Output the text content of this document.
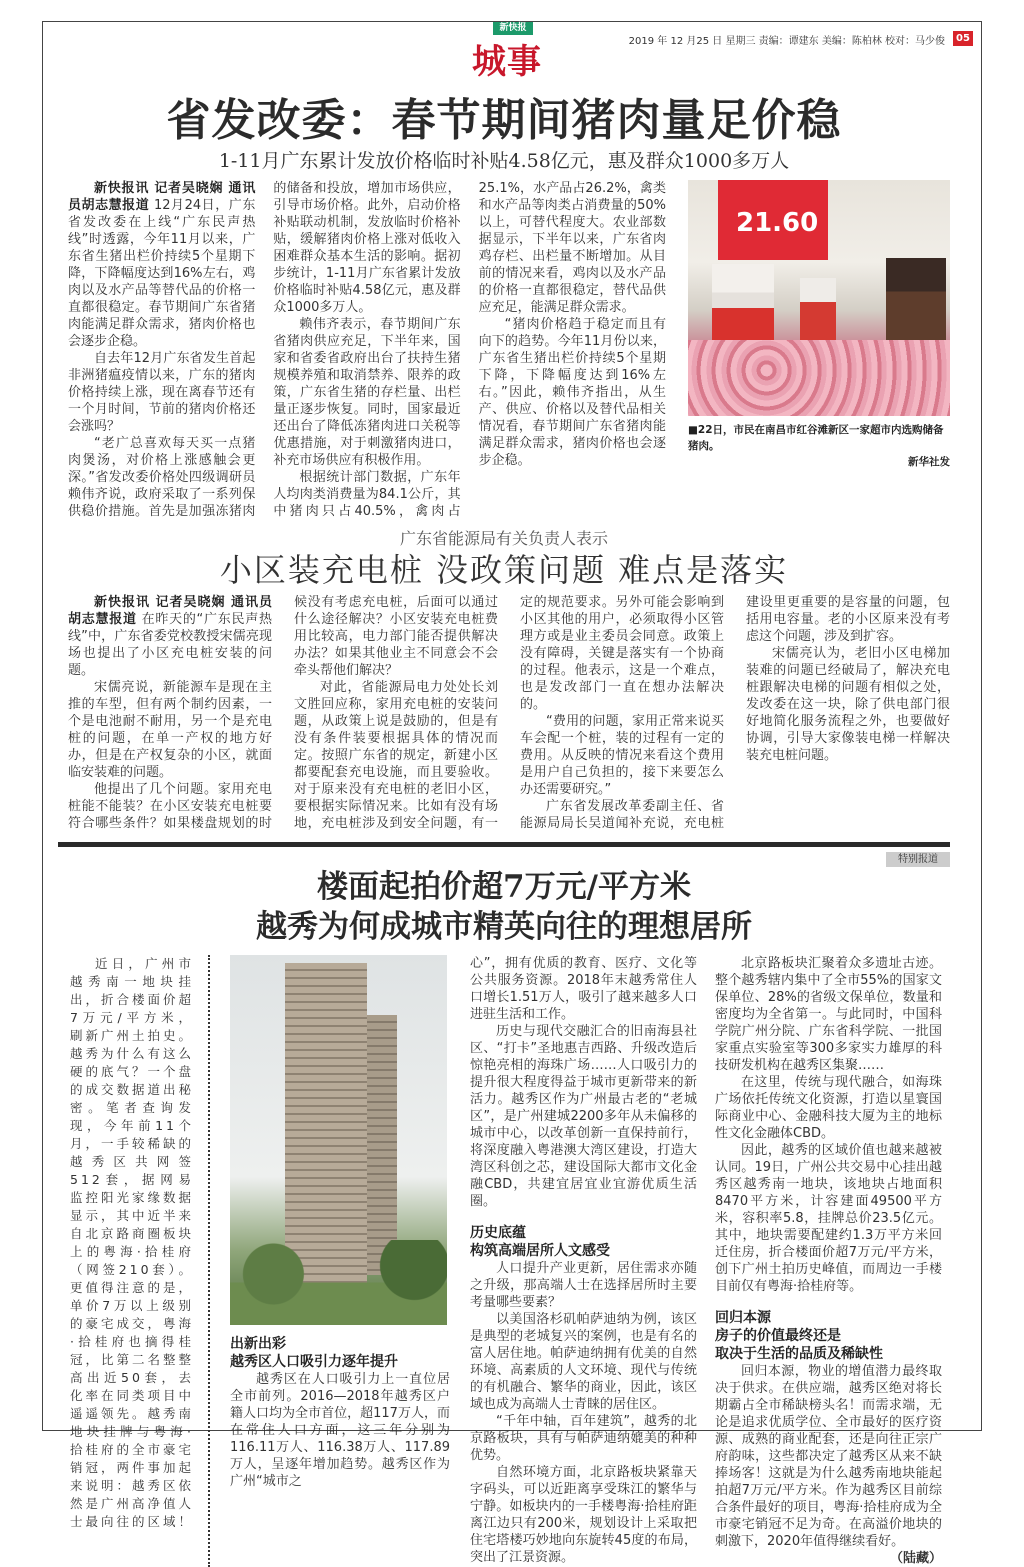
新快报
城事
2019 年 12 月25 日 星期三 责编：谭建东 美编：陈柏林 校对：马少俊	05
省发改委：春节期间猪肉量足价稳
1-11月广东累计发放价格临时补贴4.58亿元，惠及群众1000多万人

新快报讯 记者吴晓娴 通讯员胡志慧报道 12月24日，广东省发改委在上线“广东民声热线”时透露，今年11月以来，广东省生猪出栏价持续5个星期下降，下降幅度达到16%左右，鸡肉以及水产品等替代品的价格一直都很稳定。春节期间广东省猪肉能满足群众需求，猪肉价格也会逐步企稳。

自去年12月广东省发生首起非洲猪瘟疫情以来，广东的猪肉价格持续上涨，现在离春节还有一个月时间，节前的猪肉价格还会涨吗？

“老广总喜欢每天买一点猪肉煲汤，对价格上涨感触会更深。”省发改委价格处四级调研员赖伟齐说，政府采取了一系列保供稳价措施。首先是加强冻猪肉的储备和投放，增加市场供应，引导市场价格。此外，启动价格补贴联动机制，发放临时价格补贴，缓解猪肉价格上涨对低收入困难群众基本生活的影响。据初步统计，1-11月广东省累计发放价格临时补贴4.58亿元，惠及群众1000多万人。

赖伟齐表示，春节期间广东省猪肉供应充足，下半年来，国家和省委省政府出台了扶持生猪规模养殖和取消禁养、限养的政策，广东省生猪的存栏量、出栏量正逐步恢复。同时，国家最近还出台了降低冻猪肉进口关税等优惠措施，对于刺激猪肉进口，补充市场供应有积极作用。

根据统计部门数据，广东年人均肉类消费量为84.1公斤，其中猪肉只占40.5%，禽肉占25.1%，水产品占26.2%，禽类和水产品等肉类占消费量的50%以上，可替代程度大。农业部数据显示，下半年以来，广东省肉鸡存栏、出栏量不断增加。从目前的情况来看，鸡肉以及水产品的价格一直都很稳定，替代品供应充足，能满足群众需求。

“猪肉价格趋于稳定而且有向下的趋势。今年11月份以来，广东省生猪出栏价持续5个星期下降，下降幅度达到16%左右。”因此，赖伟齐指出，从生产、供应、价格以及替代品相关情况看，春节期间广东省猪肉能满足群众需求，猪肉价格也会逐步企稳。

21.60
■22日，市民在南昌市红谷滩新区一家超市内选购储备猪肉。
新华社发
广东省能源局有关负责人表示
小区装充电桩 没政策问题 难点是落实

新快报讯 记者吴晓娴 通讯员胡志慧报道 在昨天的“广东民声热线”中，广东省委党校教授宋儒亮现场也提出了小区充电桩安装的问题。

宋儒亮说，新能源车是现在主推的车型，但有两个制约因素，一个是电池耐不耐用，另一个是充电桩的问题，在单一产权的地方好办，但是在产权复杂的小区，就面临安装难的问题。

他提出了几个问题。家用充电桩能不能装？在小区安装充电桩要符合哪些条件？如果楼盘规划的时候没有考虑充电桩，后面可以通过什么途径解决？小区安装充电桩费用比较高，电力部门能否提供解决办法？如果其他业主不同意会不会牵头帮他们解决？

对此，省能源局电力处处长刘文胜回应称，家用充电桩的安装问题，从政策上说是鼓励的，但是有没有条件装要根据具体的情况而定。按照广东省的规定，新建小区都要配套充电设施，而且要验收。对于原来没有充电桩的老旧小区，要根据实际情况来。比如有没有场地，充电桩涉及到安全问题，有一定的规范要求。另外可能会影响到小区其他的用户，必须取得小区管理方或是业主委员会同意。政策上没有障碍，关键是落实有一个协商的过程。他表示，这是一个难点，也是发改部门一直在想办法解决的。

“费用的问题，家用正常来说买车会配一个桩，装的过程有一定的费用。从反映的情况来看这个费用是用户自己负担的，接下来要怎么办还需要研究。”

广东省发展改革委副主任、省能源局局长吴道闻补充说，充电桩建设里更重要的是容量的问题，包括用电容量。老的小区原来没有考虑这个问题，涉及到扩容。

宋儒亮认为，老旧小区电梯加装难的问题已经破局了，解决充电桩跟解决电梯的问题有相似之处，发改委在这一块，除了供电部门很好地简化服务流程之外，也要做好协调，引导大家像装电梯一样解决装充电桩问题。

特别报道
楼面起拍价超7万元/平方米
越秀为何成城市精英向往的理想居所

近日，广州市越秀南一地块挂出，折合楼面价超7万元/平方米，刷新广州土拍史。越秀为什么有这么硬的底气？一个盘的成交数据道出秘密。笔者查询发现，今年前11个月，一手较稀缺的越秀区共网签512套，据网易监控阳光家缘数据显示，其中近半来自北京路商圈板块上的粤海·拾桂府（网签210套）。更值得注意的是，单价7万以上级别的豪宅成交，粤海·拾桂府也摘得桂冠，比第二名整整高出近50套，去化率在同类项目中遥遥领先。越秀南地块挂牌与粤海·拾桂府的全市豪宅销冠，两件事加起来说明：越秀区依然是广州高净值人士最向往的区域！

出新出彩
越秀区人口吸引力逐年提升

越秀区在人口吸引力上一直位居全市前列。2016—2018年越秀区户籍人口均为全市首位，超117万人，而在常住人口方面，这三年分别为116.11万人、116.38万人、117.89万人，呈逐年增加趋势。越秀区作为广州“城市之

心”，拥有优质的教育、医疗、文化等公共服务资源。2018年末越秀常住人口增长1.51万人，吸引了越来越多人口进驻生活和工作。

历史与现代交融汇合的旧南海县社区、“打卡”圣地惠吉西路、升级改造后惊艳亮相的海珠广场……人口吸引力的提升很大程度得益于城市更新带来的新活力。越秀区作为广州最古老的“老城区”，是广州建城2200多年从未偏移的城市中心，以改革创新一直保持前行，将深度融入粤港澳大湾区建设，打造大湾区科创之芯，建设国际大都市文化金融CBD，共建宜居宜业宜游优质生活圈。

历史底蕴
构筑高端居所人文感受

人口提升产业更新，居住需求亦随之升级，那高端人士在选择居所时主要考量哪些要素？

以美国洛杉矶帕萨迪纳为例，该区是典型的老城复兴的案例，也是有名的富人居住地。帕萨迪纳拥有优美的自然环境、高素质的人文环境、现代与传统的有机融合、繁华的商业，因此，该区域也成为高端人士青睐的居住区。

“千年中轴，百年建筑”，越秀的北京路板块，具有与帕萨迪纳媲美的种种优势。

自然环境方面，北京路板块紧靠天字码头，可以近距离享受珠江的繁华与宁静。如板块内的一手楼粤海·拾桂府距离江边只有200米，规划设计上采取把住宅塔楼巧妙地向东旋转45度的布局，突出了江景资源。

北京路板块汇聚着众多遗址古迹。整个越秀辖内集中了全市55%的国家文保单位、28%的省级文保单位，数量和密度均为全省第一。与此同时，中国科学院广州分院、广东省科学院、一批国家重点实验室等300多家实力雄厚的科技研发机构在越秀区集聚……

在这里，传统与现代融合，如海珠广场依托传统文化资源，打造以星寰国际商业中心、金融科技大厦为主的地标性文化金融体CBD。

因此，越秀的区域价值也越来越被认同。19日，广州公共交易中心挂出越秀区越秀南一地块，该地块占地面积8470平方米，计容建面49500平方米，容积率5.8，挂牌总价23.5亿元。其中，地块需要配建约1.3万平方米回迁住房，折合楼面价超7万元/平方米，创下广州土拍历史峰值，而周边一手楼目前仅有粤海·拾桂府等。

回归本源
房子的价值最终还是
取决于生活的品质及稀缺性

回归本源，物业的增值潜力最终取决于供求。在供应端，越秀区绝对将长期霸占全市稀缺榜头名！而需求端，无论是追求优质学位、全市最好的医疗资源、成熟的商业配套，还是向往正宗广府韵味，这些都决定了越秀区从来不缺捧场客！这就是为什么越秀南地块能起拍超7万元/平方米。作为越秀区目前综合条件最好的项目，粤海·拾桂府成为全市豪宅销冠不足为奇。在高溢价地块的刺激下，2020年值得继续看好。

（陆藏）
